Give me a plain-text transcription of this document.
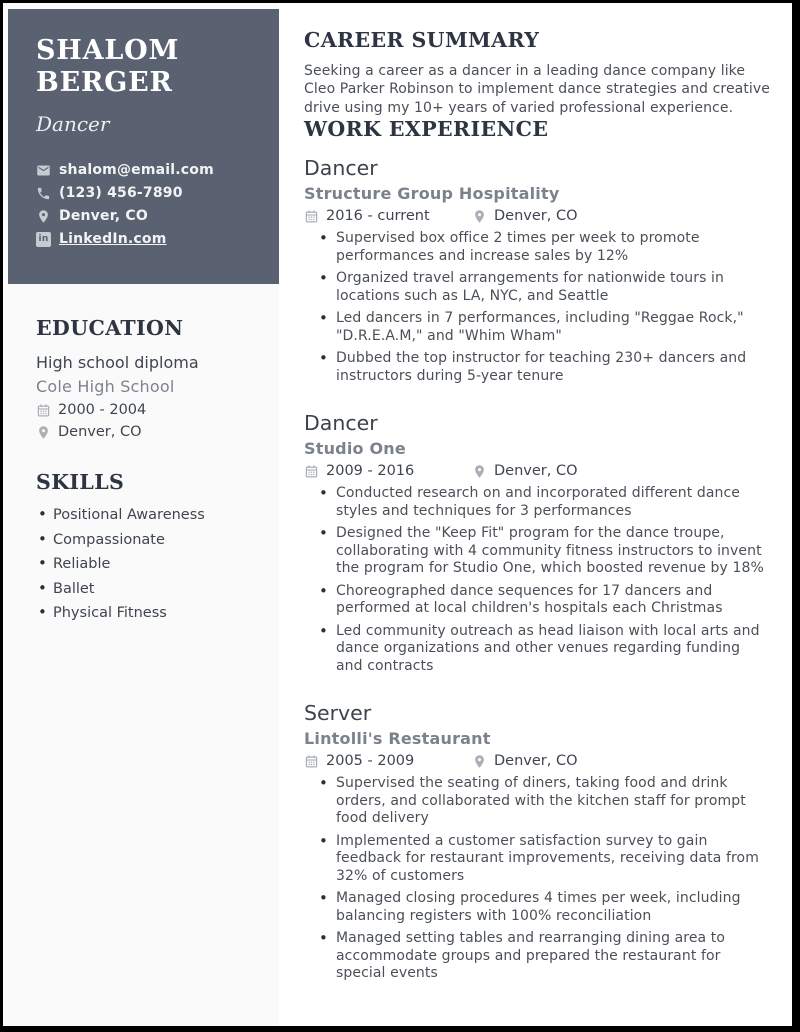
SHALOM BERGER
Dancer
shalom@email.com
(123) 456-7890
Denver, CO
in LinkedIn.com
EDUCATION
High school diploma
Cole High School
2000 - 2004
Denver, CO
SKILLS
• Positional Awareness
• Compassionate
• Reliable
• Ballet
• Physical Fitness
CAREER SUMMARY

Seeking a career as a dancer in a leading dance company like Cleo Parker Robinson to implement dance strategies and creative drive using my 10+ years of varied professional experience.

WORK EXPERIENCE
Dancer
Structure Group Hospitality
2016 - current	Denver, CO
• Supervised box office 2 times per week to promote performances and increase sales by 12%
• Organized travel arrangements for nationwide tours in locations such as LA, NYC, and Seattle
• Led dancers in 7 performances, including "Reggae Rock," "D.R.E.A.M," and "Whim Wham"
• Dubbed the top instructor for teaching 230+ dancers and instructors during 5-year tenure
Dancer
Studio One
2009 - 2016	Denver, CO
• Conducted research on and incorporated different dance styles and techniques for 3 performances
• Designed the "Keep Fit" program for the dance troupe, collaborating with 4 community fitness instructors to invent the program for Studio One, which boosted revenue by 18%
• Choreographed dance sequences for 17 dancers and performed at local children's hospitals each Christmas
• Led community outreach as head liaison with local arts and dance organizations and other venues regarding funding and contracts
Server
Lintolli's Restaurant
2005 - 2009	Denver, CO
• Supervised the seating of diners, taking food and drink orders, and collaborated with the kitchen staff for prompt food delivery
• Implemented a customer satisfaction survey to gain feedback for restaurant improvements, receiving data from 32% of customers
• Managed closing procedures 4 times per week, including balancing registers with 100% reconciliation
• Managed setting tables and rearranging dining area to accommodate groups and prepared the restaurant for special events
